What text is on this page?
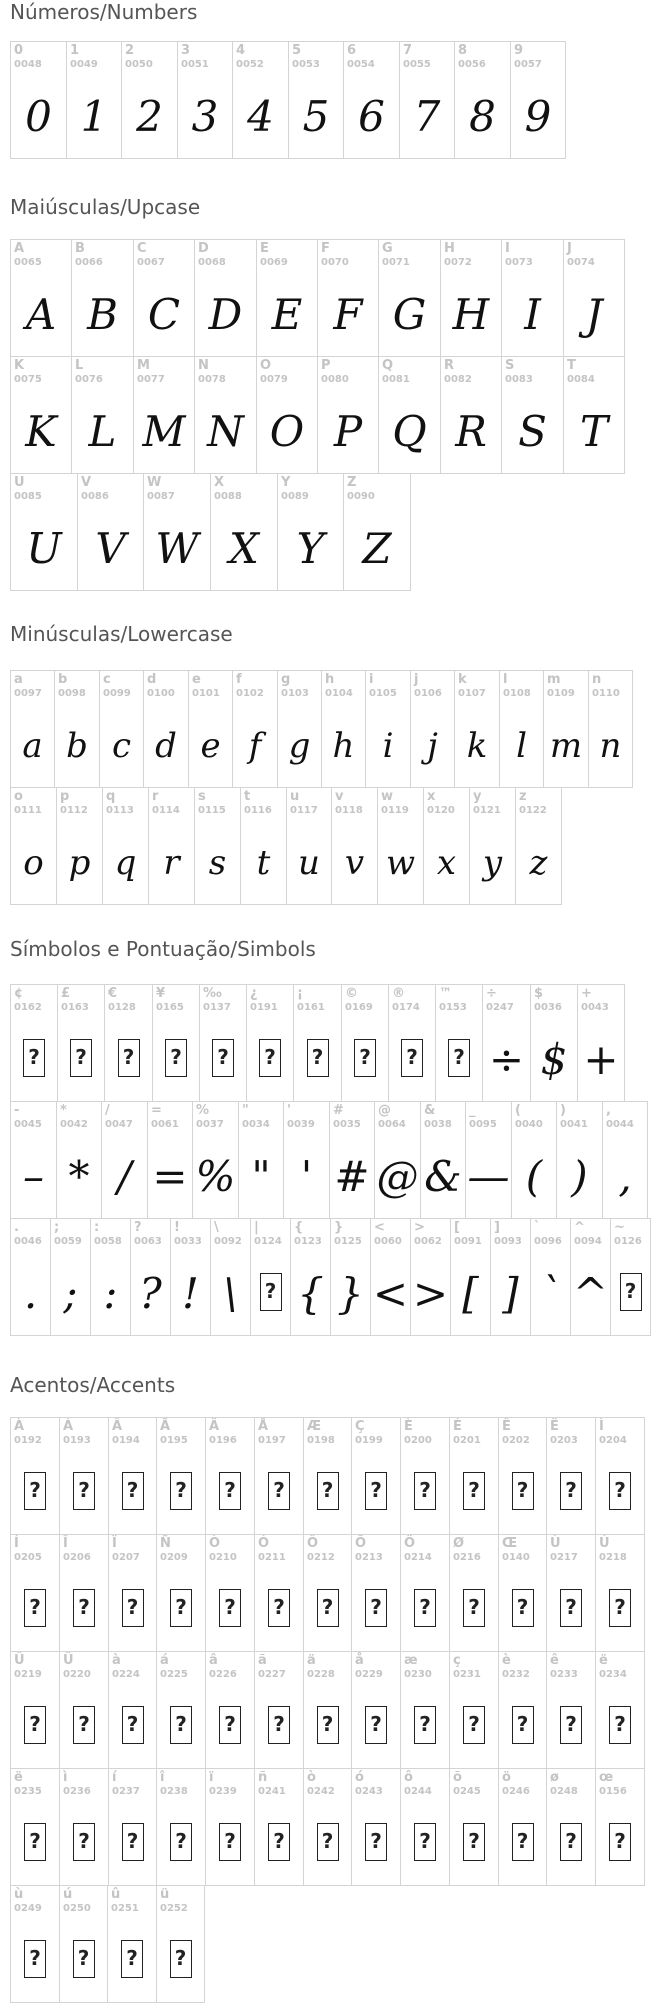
Números/Numbers
0
0048
0
1
0049
1
2
0050
2
3
0051
3
4
0052
4
5
0053
5
6
0054
6
7
0055
7
8
0056
8
9
0057
9
Maiúsculas/Upcase
A
0065
A
B
0066
B
C
0067
C
D
0068
D
E
0069
E
F
0070
F
G
0071
G
H
0072
H
I
0073
I
J
0074
J
K
0075
K
L
0076
L
M
0077
M
N
0078
N
O
0079
O
P
0080
P
Q
0081
Q
R
0082
R
S
0083
S
T
0084
T
U
0085
U
V
0086
V
W
0087
W
X
0088
X
Y
0089
Y
Z
0090
Z
Minúsculas/Lowercase
a
0097
a
b
0098
b
c
0099
c
d
0100
d
e
0101
e
f
0102
f
g
0103
g
h
0104
h
i
0105
i
j
0106
j
k
0107
k
l
0108
l
m
0109
m
n
0110
n
o
0111
o
p
0112
p
q
0113
q
r
0114
r
s
0115
s
t
0116
t
u
0117
u
v
0118
v
w
0119
w
x
0120
x
y
0121
y
z
0122
z
Símbolos e Pontuação/Simbols
¢
0162
?
£
0163
?
€
0128
?
¥
0165
?
‰
0137
?
¿
0191
?
¡
0161
?
©
0169
?
®
0174
?
™
0153
?
÷
0247
÷
$
0036
$
+
0043
+
-
0045
–
*
0042
*
/
0047
/
=
0061
=
%
0037
%
"
0034
"
'
0039
'
#
0035
#
@
0064
@
&
0038
&
_
0095
—
(
0040
(
)
0041
)
,
0044
,
.
0046
.
;
0059
;
:
0058
:
?
0063
?
!
0033
!
\
0092
\
|
0124
?
{
0123
{
}
0125
}
<
0060
<
>
0062
>
[
0091
[
]
0093
]
`
0096
`
^
0094
^
~
0126
?
Acentos/Accents
À
0192
?
Á
0193
?
Â
0194
?
Ã
0195
?
Ä
0196
?
Å
0197
?
Æ
0198
?
Ç
0199
?
È
0200
?
É
0201
?
Ê
0202
?
Ë
0203
?
Ì
0204
?
Í
0205
?
Î
0206
?
Ï
0207
?
Ñ
0209
?
Ò
0210
?
Ó
0211
?
Ô
0212
?
Õ
0213
?
Ö
0214
?
Ø
0216
?
Œ
0140
?
Ù
0217
?
Ú
0218
?
Û
0219
?
Ü
0220
?
à
0224
?
á
0225
?
â
0226
?
ã
0227
?
ä
0228
?
å
0229
?
æ
0230
?
ç
0231
?
è
0232
?
ê
0233
?
ë
0234
?
ë
0235
?
ì
0236
?
í
0237
?
î
0238
?
ï
0239
?
ñ
0241
?
ò
0242
?
ó
0243
?
ô
0244
?
õ
0245
?
ö
0246
?
ø
0248
?
œ
0156
?
ù
0249
?
ú
0250
?
û
0251
?
ü
0252
?
